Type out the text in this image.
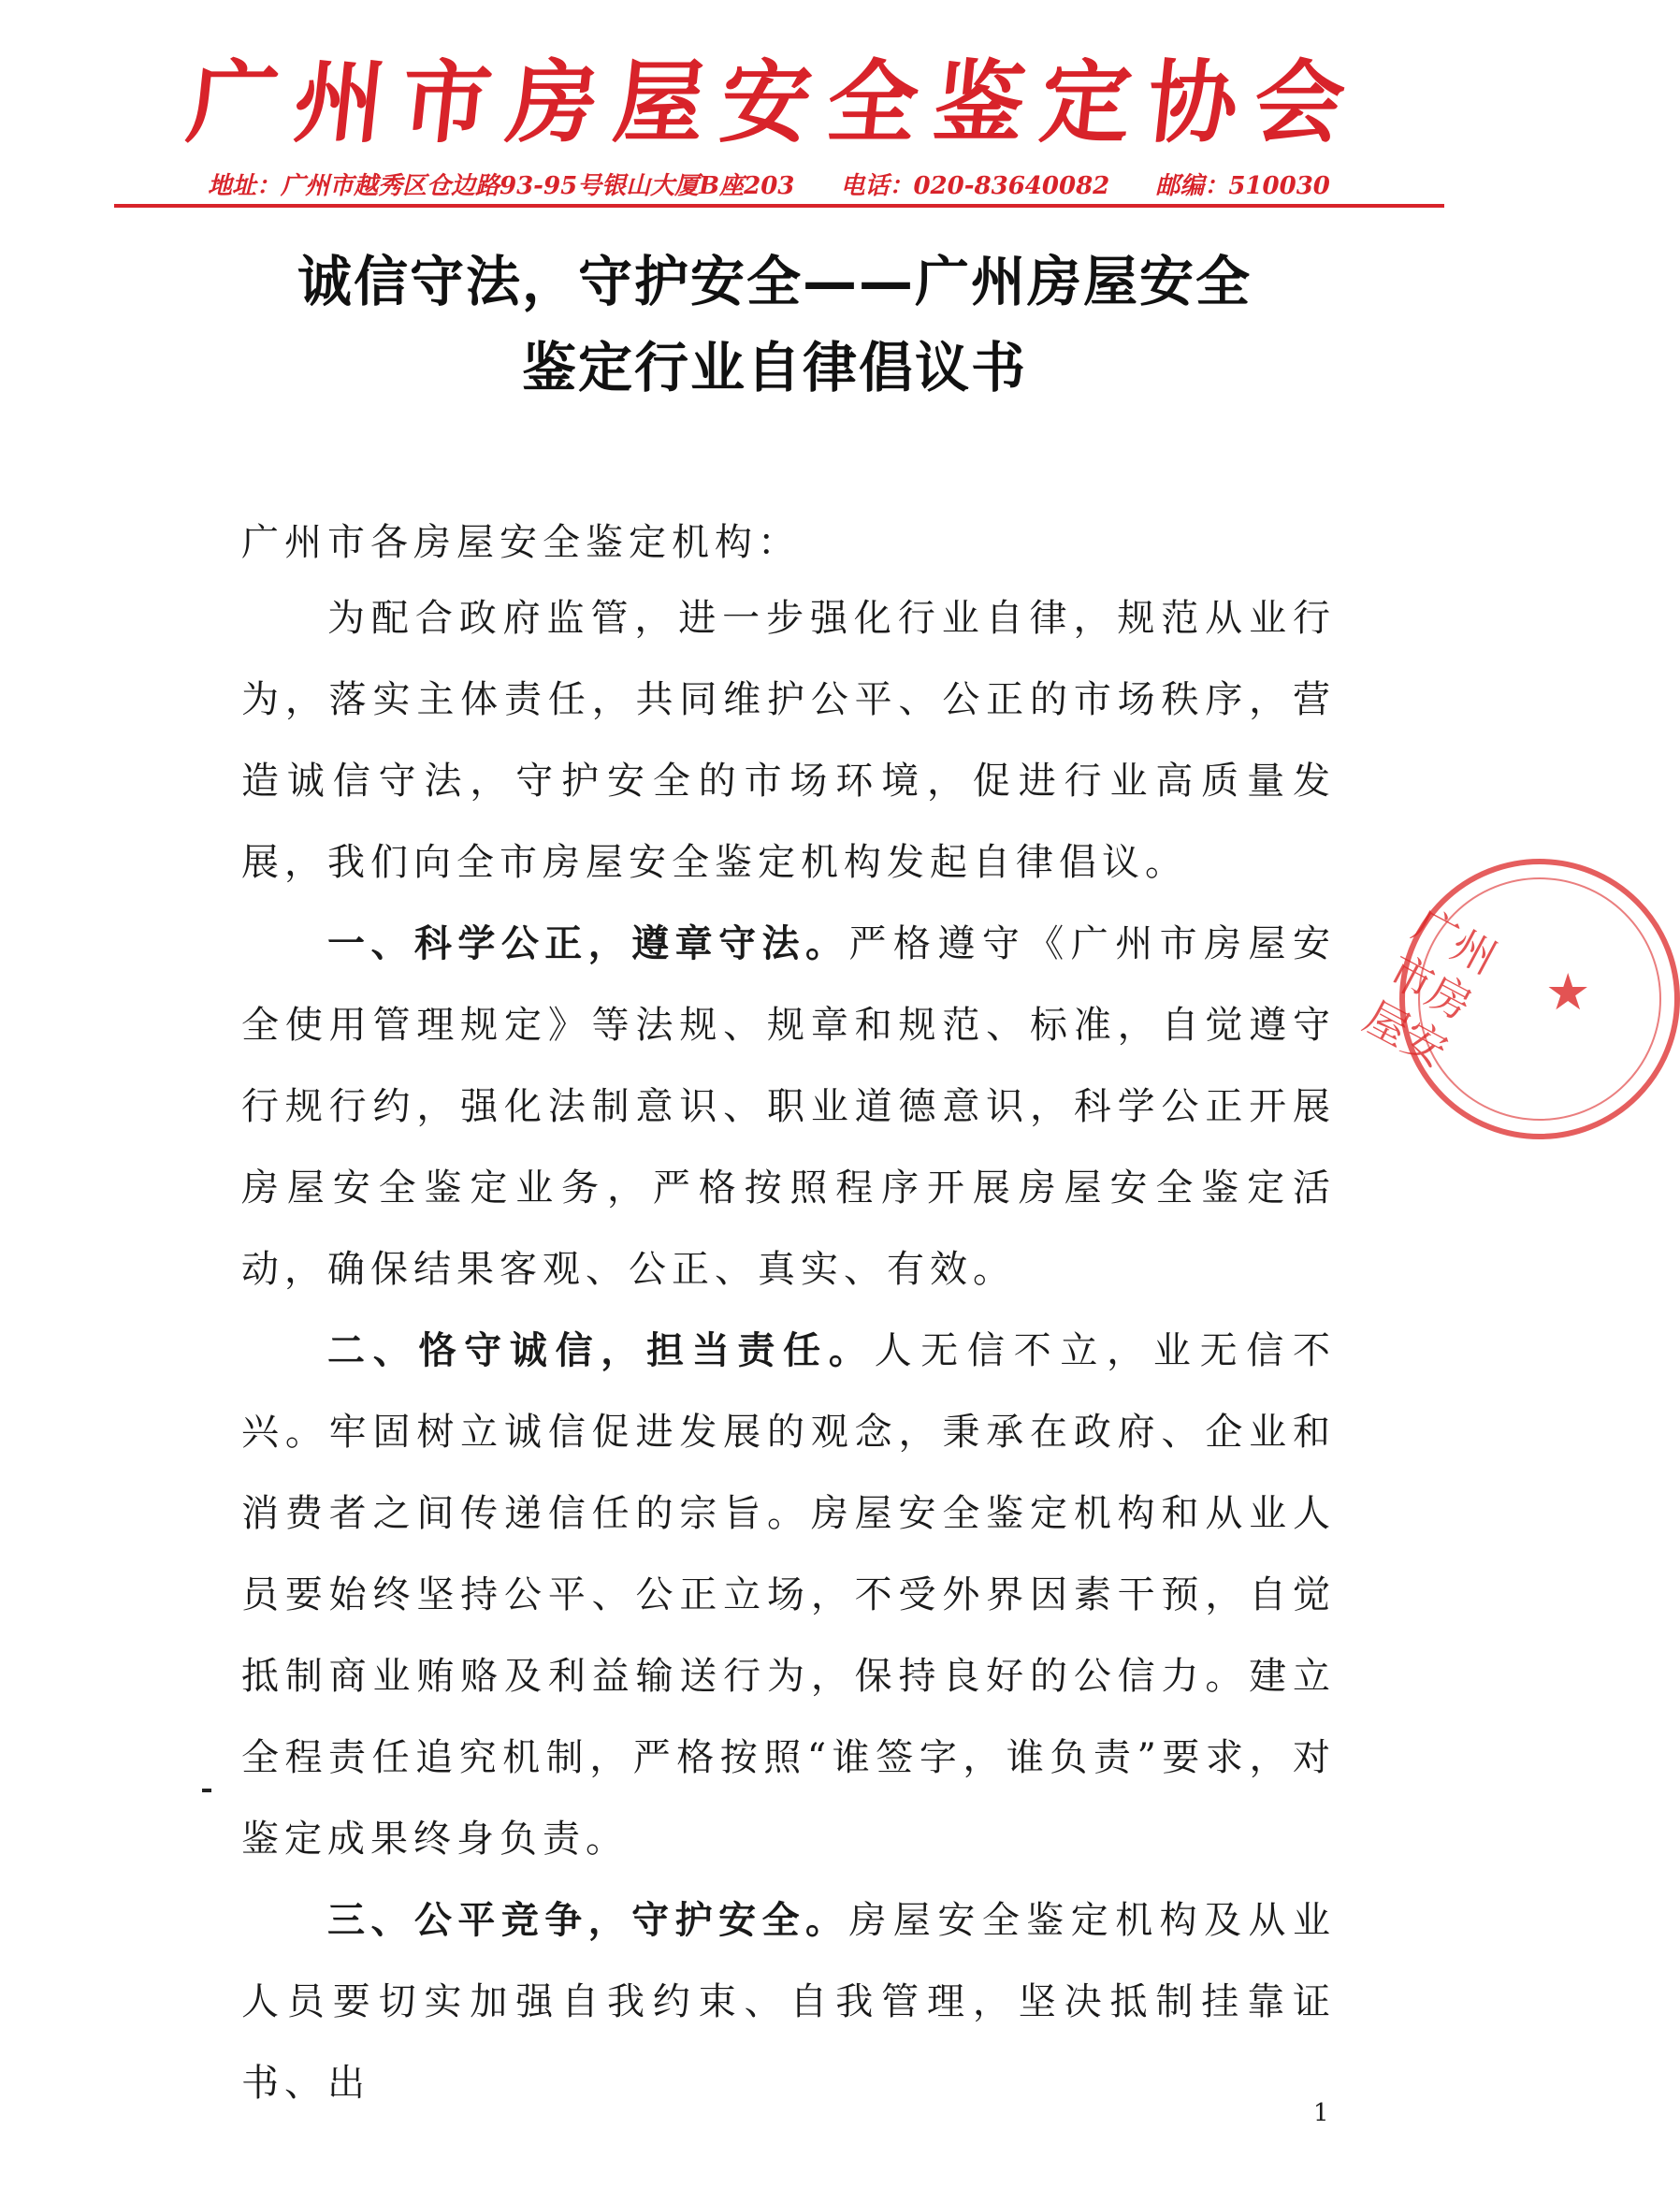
广州市房屋安全鉴定协会
地址：广州市越秀区仓边路93-95号银山大厦B座203 电话：020-83640082 邮编：510030
诚信守法，守护安全——广州房屋安全
鉴定行业自律倡议书
广州市各房屋安全鉴定机构：

为配合政府监管，进一步强化行业自律，规范从业行为，落实主体责任，共同维护公平、公正的市场秩序，营造诚信守法，守护安全的市场环境，促进行业高质量发展，我们向全市房屋安全鉴定机构发起自律倡议。

一、科学公正，遵章守法。严格遵守《广州市房屋安全使用管理规定》等法规、规章和规范、标准，自觉遵守行规行约，强化法制意识、职业道德意识，科学公正开展房屋安全鉴定业务，严格按照程序开展房屋安全鉴定活动，确保结果客观、公正、真实、有效。

二、恪守诚信，担当责任。人无信不立，业无信不兴。牢固树立诚信促进发展的观念，秉承在政府、企业和消费者之间传递信任的宗旨。房屋安全鉴定机构和从业人员要始终坚持公平、公正立场，不受外界因素干预，自觉抵制商业贿赂及利益输送行为，保持良好的公信力。建立全程责任追究机制，严格按照“谁签字，谁负责”要求，对鉴定成果终身负责。

三、公平竞争，守护安全。房屋安全鉴定机构及从业人员要切实加强自我约束、自我管理，坚决抵制挂靠证书、出

广州市房屋安	★
1
